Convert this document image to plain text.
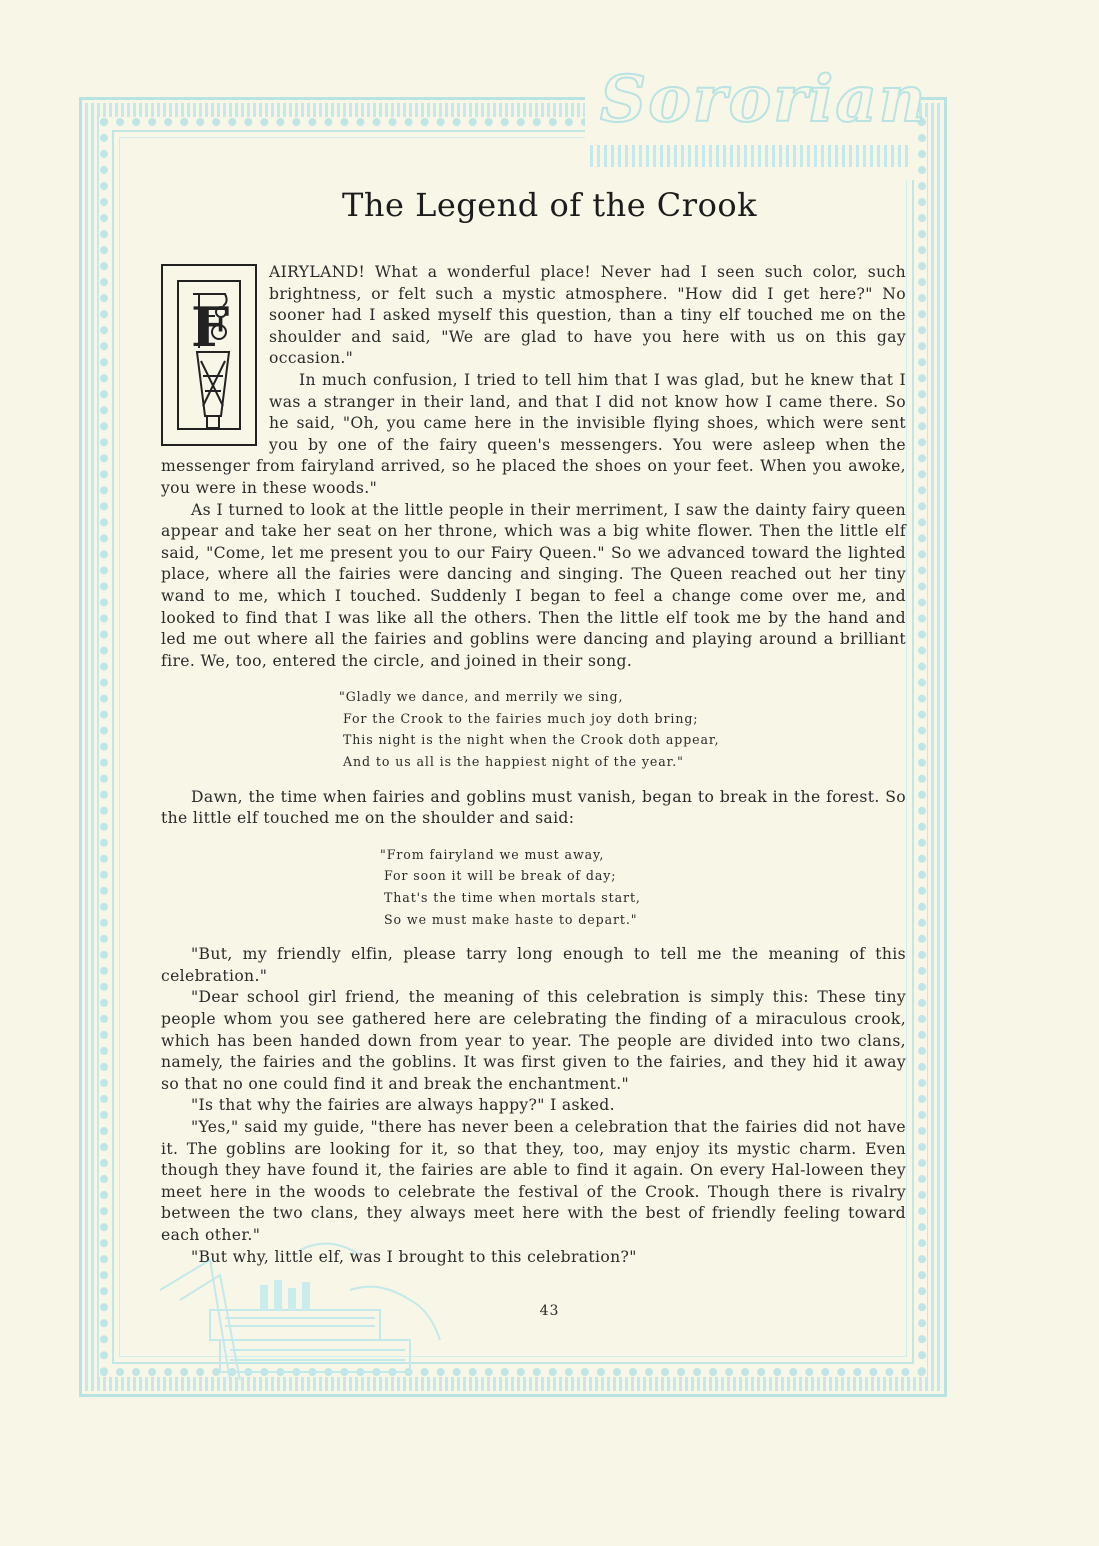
Sororian
The Legend of the Crook
F

AIRYLAND! What a wonderful place! Never had I seen such color, such brightness, or felt such a mystic atmosphere. "How did I get here?" No sooner had I asked myself this question, than a tiny elf touched me on the shoulder and said, "We are glad to have you here with us on this gay occasion."

In much confusion, I tried to tell him that I was glad, but he knew that I was a stranger in their land, and that I did not know how I came there. So he said, "Oh, you came here in the invisible flying shoes, which were sent you by one of the fairy queen's messengers. You were asleep when the messenger from fairyland arrived, so he placed the shoes on your feet. When you awoke, you were in these woods."

As I turned to look at the little people in their merriment, I saw the dainty fairy queen appear and take her seat on her throne, which was a big white flower. Then the little elf said, "Come, let me present you to our Fairy Queen." So we advanced toward the lighted place, where all the fairies were dancing and singing. The Queen reached out her tiny wand to me, which I touched. Suddenly I began to feel a change come over me, and looked to find that I was like all the others. Then the little elf took me by the hand and led me out where all the fairies and goblins were dancing and playing around a brilliant fire. We, too, entered the circle, and joined in their song.

"Gladly we dance, and merrily we sing,
For the Crook to the fairies much joy doth bring;
This night is the night when the Crook doth appear,
And to us all is the happiest night of the year."

Dawn, the time when fairies and goblins must vanish, began to break in the forest. So the little elf touched me on the shoulder and said:

"From fairyland we must away,
For soon it will be break of day;
That's the time when mortals start,
So we must make haste to depart."

"But, my friendly elfin, please tarry long enough to tell me the meaning of this celebration."

"Dear school girl friend, the meaning of this celebration is simply this: These tiny people whom you see gathered here are celebrating the finding of a miraculous crook, which has been handed down from year to year. The people are divided into two clans, namely, the fairies and the goblins. It was first given to the fairies, and they hid it away so that no one could find it and break the enchantment."

"Is that why the fairies are always happy?" I asked.

"Yes," said my guide, "there has never been a celebration that the fairies did not have it. The goblins are looking for it, so that they, too, may enjoy its mystic charm. Even though they have found it, the fairies are able to find it again. On every Hal-loween they meet here in the woods to celebrate the festival of the Crook. Though there is rivalry between the two clans, they always meet here with the best of friendly feeling toward each other."

"But why, little elf, was I brought to this celebration?"

43
